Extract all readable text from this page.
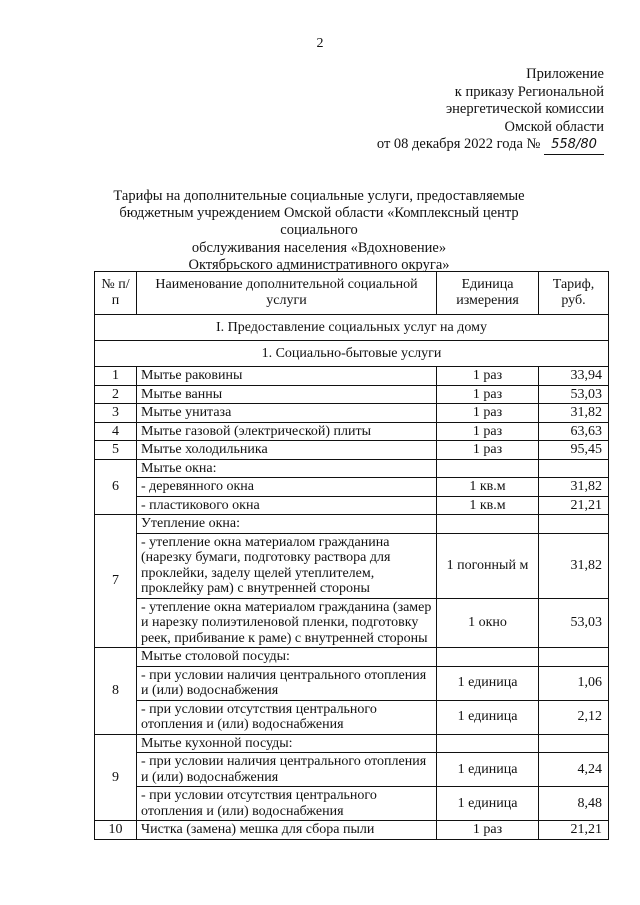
2
Приложение
к приказу Региональной
энергетической комиссии
Омской области
от 08 декабря 2022 года № 558/80
Тарифы на дополнительные социальные услуги, предоставляемые
бюджетным учреждением Омской области «Комплексный центр социального
обслуживания населения «Вдохновение»
Октябрьского административного округа»
№ п/п	Наименование дополнительной социальной услуги	Единица измерения	Тариф, руб.
I. Предоставление социальных услуг на дому			
1. Социально-бытовые услуги			
1	Мытье раковины	1 раз	33,94
2	Мытье ванны	1 раз	53,03
3	Мытье унитаза	1 раз	31,82
4	Мытье газовой (электрической) плиты	1 раз	63,63
5	Мытье холодильника	1 раз	95,45
6	Мытье окна:		
	- деревянного окна	1 кв.м	31,82
	- пластикового окна	1 кв.м	21,21
7	Утепление окна:		
	- утепление окна материалом гражданина (нарезку бумаги, подготовку раствора для проклейки, заделу щелей утеплителем, проклейку рам) с внутренней стороны	1 погонный м	31,82
	- утепление окна материалом гражданина (замер и нарезку полиэтиленовой пленки, подготовку реек, прибивание к раме) с внутренней стороны	1 окно	53,03
8	Мытье столовой посуды:		
	- при условии наличия центрального отопления и (или) водоснабжения	1 единица	1,06
	- при условии отсутствия центрального отопления и (или) водоснабжения	1 единица	2,12
9	Мытье кухонной посуды:		
	- при условии наличия центрального отопления и (или) водоснабжения	1 единица	4,24
	- при условии отсутствия центрального отопления и (или) водоснабжения	1 единица	8,48
10	Чистка (замена) мешка для сбора пыли	1 раз	21,21
